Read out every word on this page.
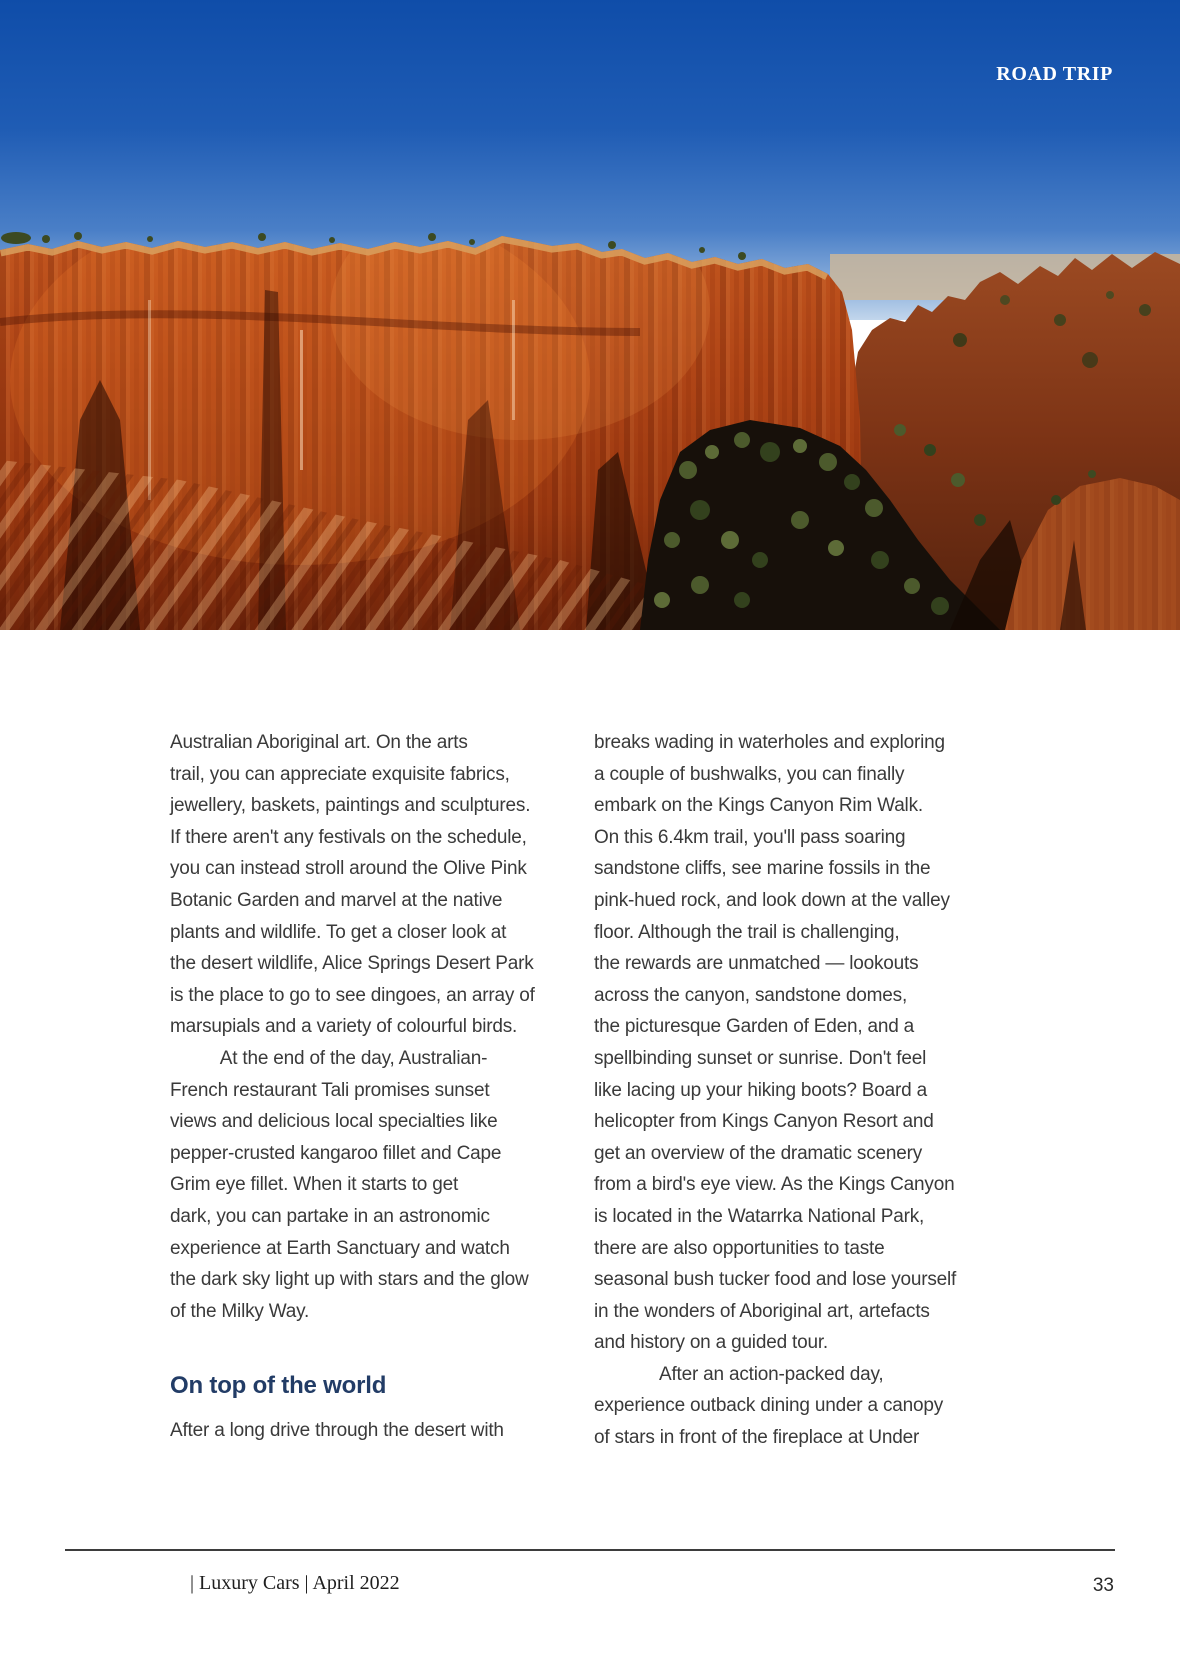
ROAD TRIP
Australian Aboriginal art. On the arts
trail, you can appreciate exquisite fabrics,
jewellery, baskets, paintings and sculptures.
If there aren't any festivals on the schedule,
you can instead stroll around the Olive Pink
Botanic Garden and marvel at the native
plants and wildlife. To get a closer look at
the desert wildlife, Alice Springs Desert Park
is the place to go to see dingoes, an array of
marsupials and a variety of colourful birds.
At the end of the day, Australian-
French restaurant Tali promises sunset
views and delicious local specialties like
pepper-crusted kangaroo fillet and Cape
Grim eye fillet. When it starts to get
dark, you can partake in an astronomic
experience at Earth Sanctuary and watch
the dark sky light up with stars and the glow
of the Milky Way.
On top of the world
After a long drive through the desert with
breaks wading in waterholes and exploring
a couple of bushwalks, you can finally
embark on the Kings Canyon Rim Walk.
On this 6.4km trail, you'll pass soaring
sandstone cliffs, see marine fossils in the
pink-hued rock, and look down at the valley
floor. Although the trail is challenging,
the rewards are unmatched — lookouts
across the canyon, sandstone domes,
the picturesque Garden of Eden, and a
spellbinding sunset or sunrise. Don't feel
like lacing up your hiking boots? Board a
helicopter from Kings Canyon Resort and
get an overview of the dramatic scenery
from a bird's eye view. As the Kings Canyon
is located in the Watarrka National Park,
there are also opportunities to taste
seasonal bush tucker food and lose yourself
in the wonders of Aboriginal art, artefacts
and history on a guided tour.
After an action-packed day,
experience outback dining under a canopy
of stars in front of the fireplace at Under
| Luxury Cars | April 2022	33
